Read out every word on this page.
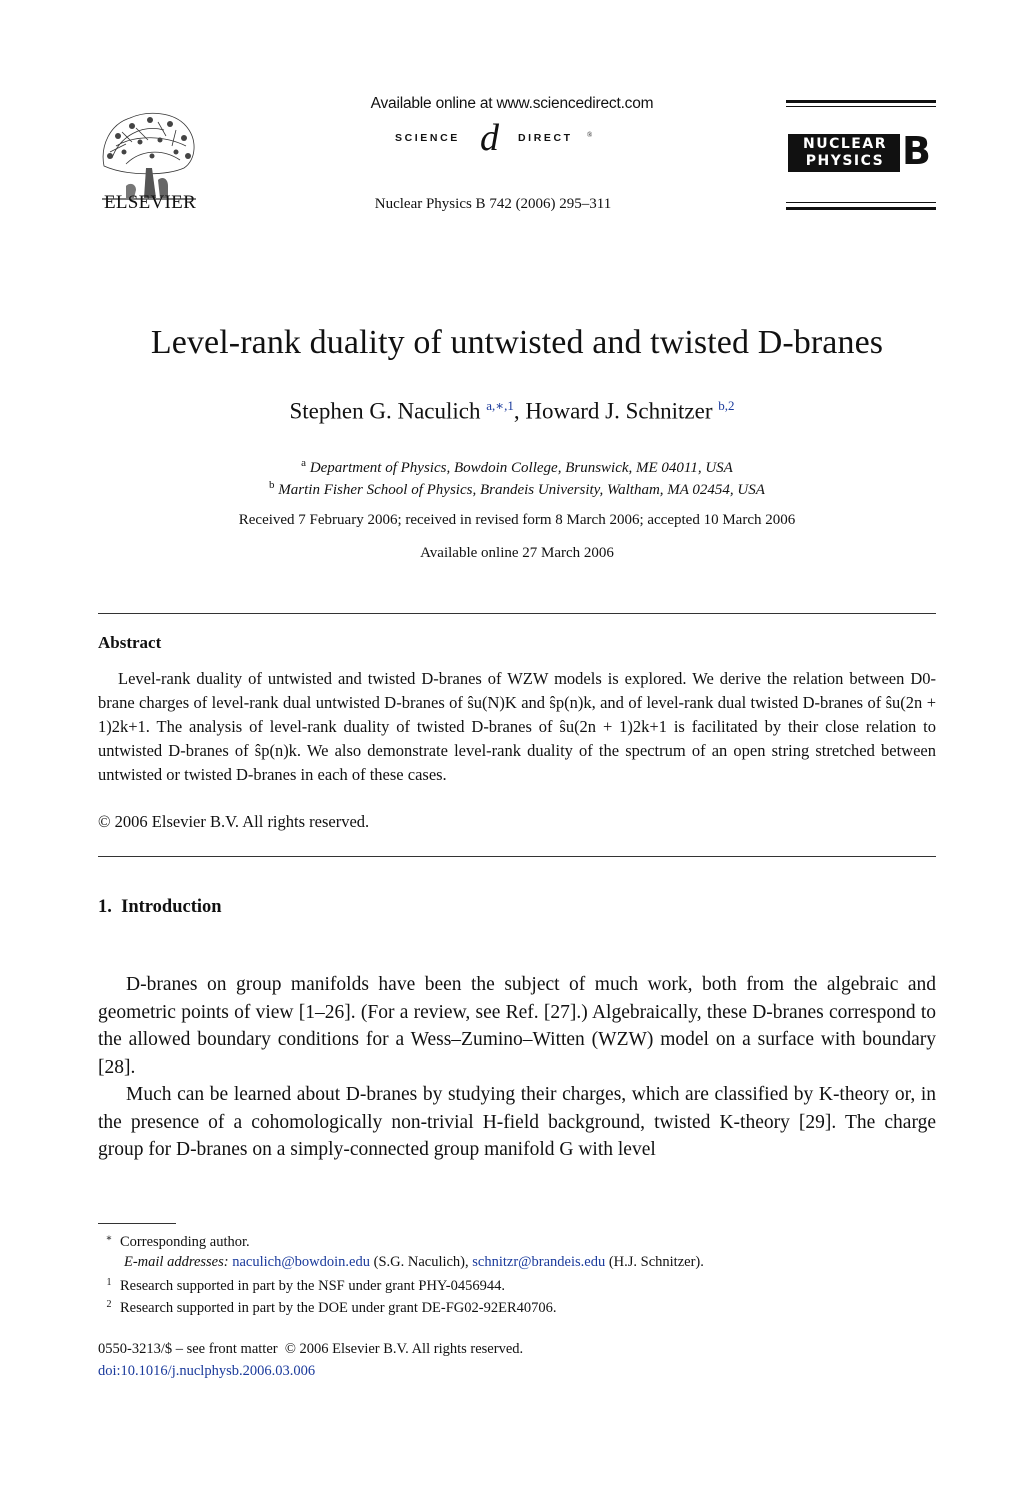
ELSEVIER
Available online at www.sciencedirect.com
SCIENCE d DIRECT ®
Nuclear Physics B 742 (2006) 295–311
NUCLEAR
PHYSICS B
Level-rank duality of untwisted and twisted D-branes
Stephen G. Naculich $^{a,∗,1}$, Howard J. Schnitzer $^{b,2}$
$^a$ Department of Physics, Bowdoin College, Brunswick, ME 04011, USA
$^b$ Martin Fisher School of Physics, Brandeis University, Waltham, MA 02454, USA
Received 7 February 2006; received in revised form 8 March 2006; accepted 10 March 2006
Available online 27 March 2006
Abstract

Level-rank duality of untwisted and twisted D-branes of WZW models is explored. We derive the relation between D0-brane charges of level-rank dual untwisted D-branes of ŝu(N)K and ŝp(n)k, and of level-rank dual twisted D-branes of ŝu(2n + 1)2k+1. The analysis of level-rank duality of twisted D-branes of ŝu(2n + 1)2k+1 is facilitated by their close relation to untwisted D-branes of ŝp(n)k. We also demonstrate level-rank duality of the spectrum of an open string stretched between untwisted or twisted D-branes in each of these cases.

© 2006 Elsevier B.V. All rights reserved.
1.  Introduction

D-branes on group manifolds have been the subject of much work, both from the algebraic and geometric points of view [1–26]. (For a review, see Ref. [27].) Algebraically, these D-branes correspond to the allowed boundary conditions for a Wess–Zumino–Witten (WZW) model on a surface with boundary [28].

Much can be learned about D-branes by studying their charges, which are classified by K-theory or, in the presence of a cohomologically non-trivial H-field background, twisted K-theory [29]. The charge group for D-branes on a simply-connected group manifold G with level

∗ Corresponding author.
E-mail addresses: naculich@bowdoin.edu (S.G. Naculich), schnitzr@brandeis.edu (H.J. Schnitzer).
$^1$ Research supported in part by the NSF under grant PHY-0456944.
$^2$ Research supported in part by the DOE under grant DE-FG02-92ER40706.
0550-3213/$ – see front matter  © 2006 Elsevier B.V. All rights reserved.
doi:10.1016/j.nuclphysb.2006.03.006
